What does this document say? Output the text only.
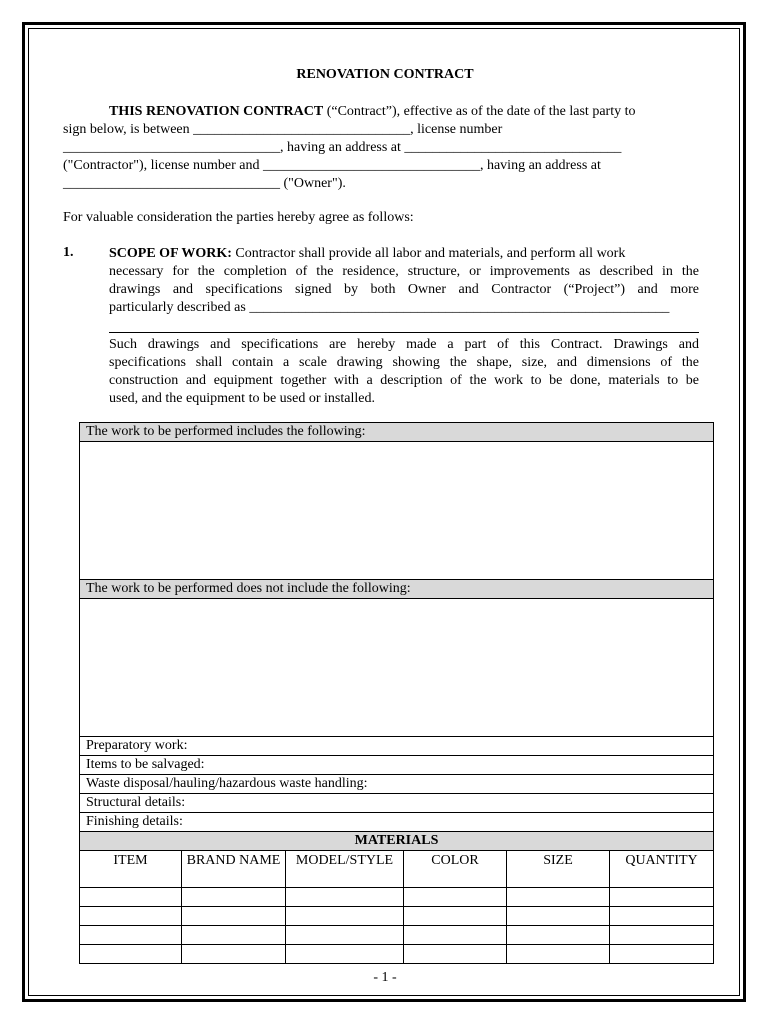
RENOVATION CONTRACT
THIS RENOVATION CONTRACT (“Contract”), effective as of the date of the last party to
sign below, is between _______________________________, license number
_______________________________, having an address at _______________________________
("Contractor"), license number and _______________________________, having an address at
_______________________________ ("Owner").
For valuable consideration the parties hereby agree as follows:
1.	SCOPE OF WORK: Contractor shall provide all labor and materials, and perform all work
necessary for the completion of the residence, structure, or improvements as described in the
drawings and specifications signed by both Owner and Contractor (“Project”) and more
particularly described as ____________________________________________________________
Such drawings and specifications are hereby made a part of this Contract. Drawings and
specifications shall contain a scale drawing showing the shape, size, and dimensions of the
construction and equipment together with a description of the work to be done, materials to be
used, and the equipment to be used or installed.
The work to be performed includes the following:
The work to be performed does not include the following:
Preparatory work:
Items to be salvaged:
Waste disposal/hauling/hazardous waste handling:
Structural details:
Finishing details:
MATERIALS
ITEM	BRAND NAME	MODEL/STYLE	COLOR	SIZE	QUANTITY
- 1 -
